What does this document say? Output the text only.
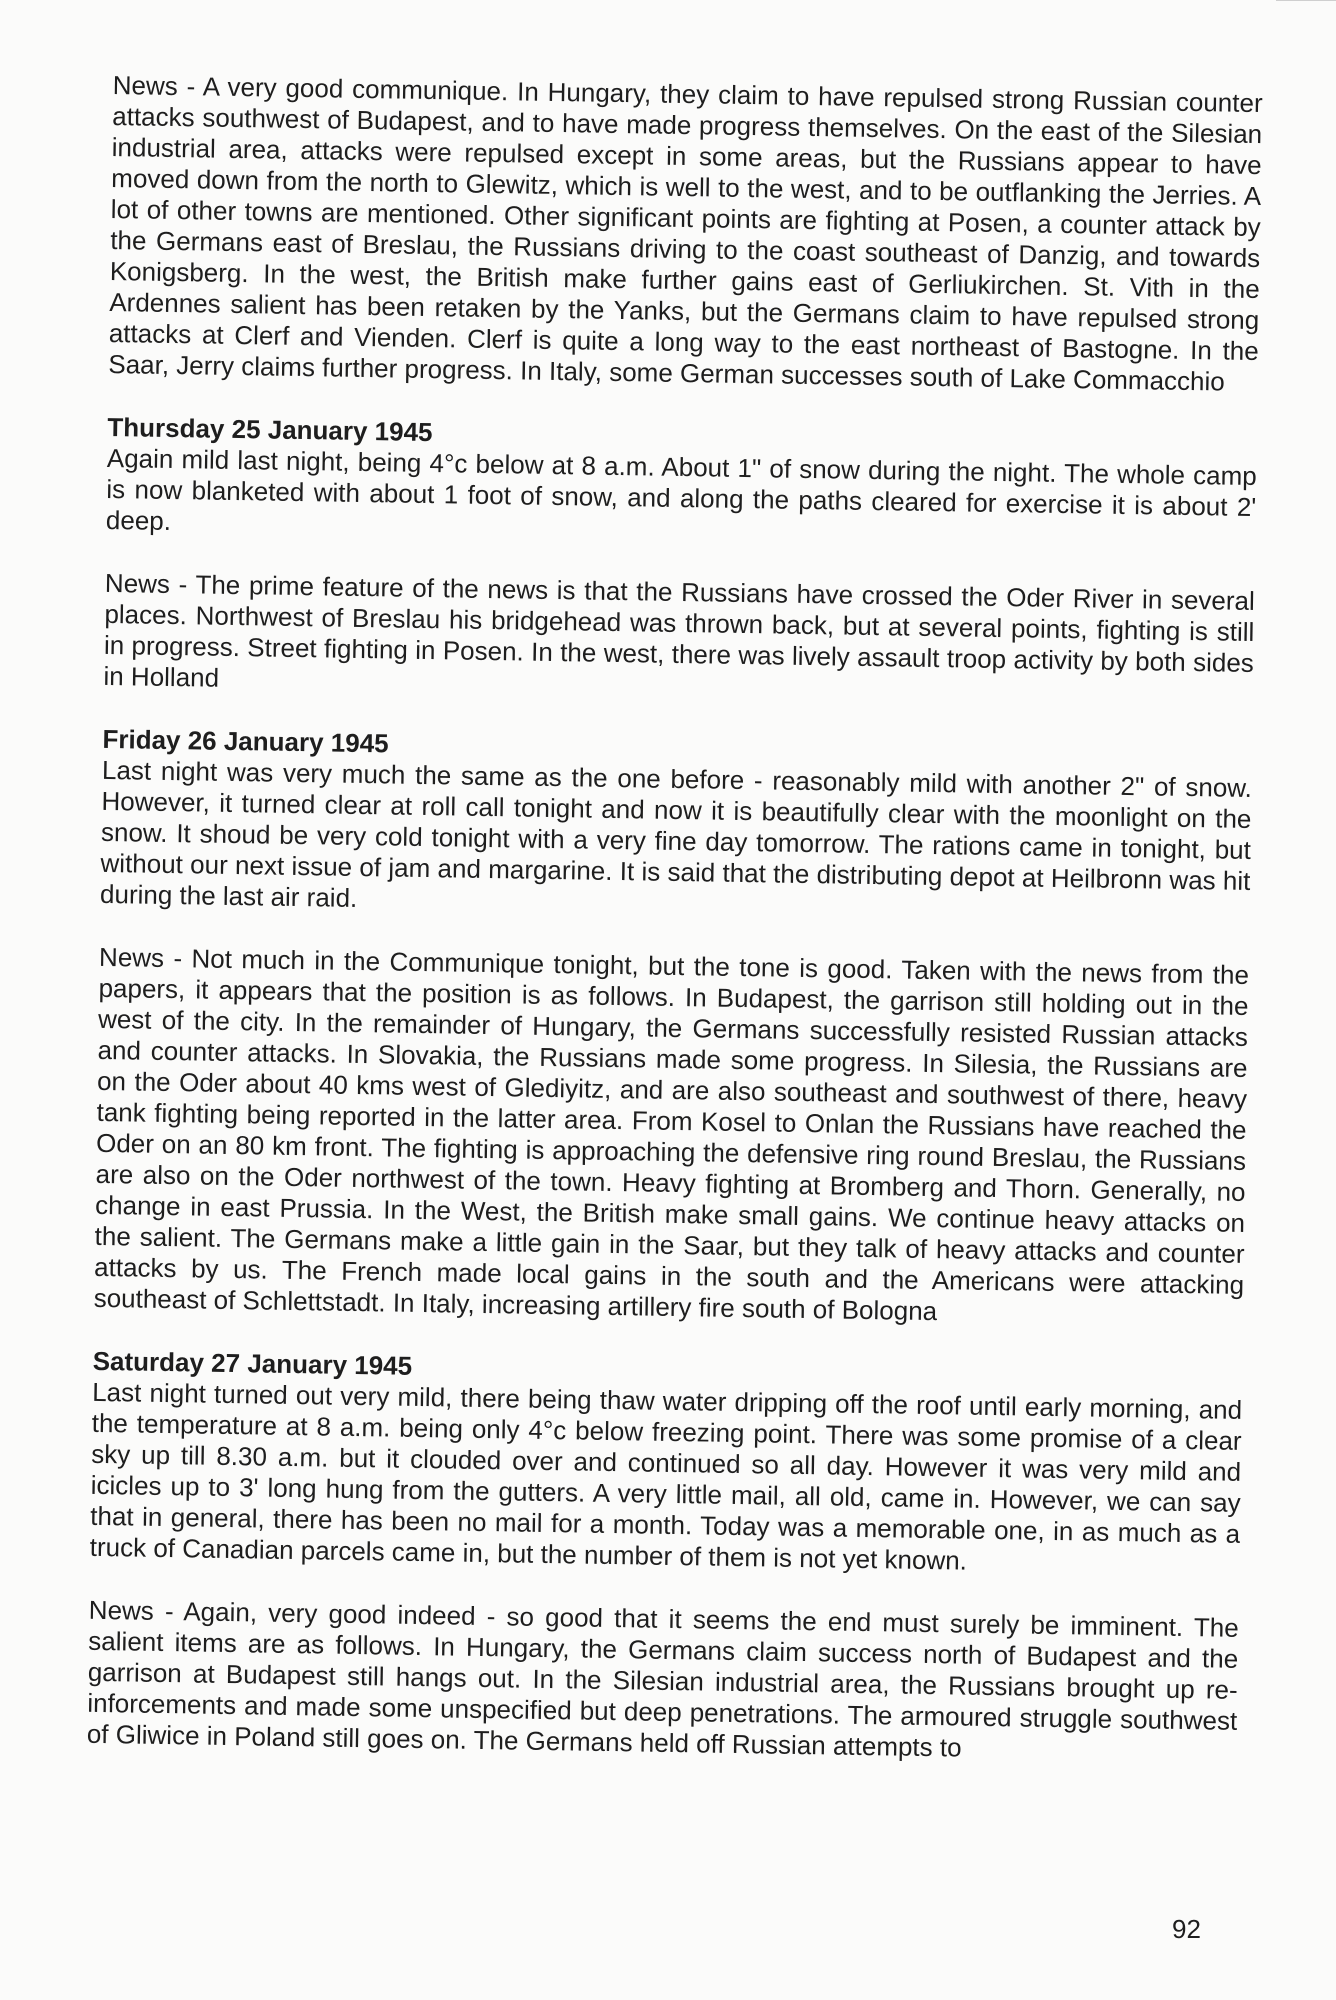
News - A very good communique. In Hungary, they claim to have repulsed strong Russian counter attacks southwest of Budapest, and to have made progress themselves. On the east of the Silesian industrial area, attacks were repulsed except in some areas, but the Russians appear to have moved down from the north to Glewitz, which is well to the west, and to be outflanking the Jerries. A lot of other towns are mentioned. Other significant points are fighting at Posen, a counter attack by the Germans east of Breslau, the Russians driving to the coast southeast of Danzig, and towards Konigsberg. In the west, the British make further gains east of Gerliukirchen. St. Vith in the Ardennes salient has been retaken by the Yanks, but the Germans claim to have repulsed strong attacks at Clerf and Vienden. Clerf is quite a long way to the east northeast of Bastogne. In the Saar, Jerry claims further progress. In Italy, some German successes south of Lake Commacchio

Thursday 25 January 1945

Again mild last night, being 4°c below at 8 a.m. About 1" of snow during the night. The whole camp is now blanketed with about 1 foot of snow, and along the paths cleared for exercise it is about 2' deep.

News - The prime feature of the news is that the Russians have crossed the Oder River in several places. Northwest of Breslau his bridgehead was thrown back, but at several points, fighting is still in progress. Street fighting in Posen. In the west, there was lively assault troop activity by both sides in Holland

Friday 26 January 1945

Last night was very much the same as the one before - reasonably mild with another 2" of snow. However, it turned clear at roll call tonight and now it is beautifully clear with the moonlight on the snow. It shoud be very cold tonight with a very fine day tomorrow. The rations came in tonight, but without our next issue of jam and margarine. It is said that the distributing depot at Heilbronn was hit during the last air raid.

News - Not much in the Communique tonight, but the tone is good. Taken with the news from the papers, it appears that the position is as follows. In Budapest, the garrison still holding out in the west of the city. In the remainder of Hungary, the Germans successfully resisted Russian attacks and counter attacks. In Slovakia, the Russians made some progress. In Silesia, the Russians are on the Oder about 40 kms west of Glediyitz, and are also southeast and southwest of there, heavy tank fighting being reported in the latter area. From Kosel to Onlan the Russians have reached the Oder on an 80 km front. The fighting is approaching the defensive ring round Breslau, the Russians are also on the Oder northwest of the town. Heavy fighting at Bromberg and Thorn. Generally, no change in east Prussia. In the West, the British make small gains. We continue heavy attacks on the salient. The Germans make a little gain in the Saar, but they talk of heavy attacks and counter attacks by us. The French made local gains in the south and the Americans were attacking southeast of Schlettstadt. In Italy, increasing artillery fire south of Bologna

Saturday 27 January 1945

Last night turned out very mild, there being thaw water dripping off the roof until early morning, and the temperature at 8 a.m. being only 4°c below freezing point. There was some promise of a clear sky up till 8.30 a.m. but it clouded over and continued so all day. However it was very mild and icicles up to 3' long hung from the gutters. A very little mail, all old, came in. However, we can say that in general, there has been no mail for a month. Today was a memorable one, in as much as a truck of Canadian parcels came in, but the number of them is not yet known.

News - Again, very good indeed - so good that it seems the end must surely be imminent. The salient items are as follows. In Hungary, the Germans claim success north of Budapest and the garrison at Budapest still hangs out. In the Silesian industrial area, the Russians brought up re-inforcements and made some unspecified but deep penetrations. The armoured struggle southwest of Gliwice in Poland still goes on. The Germans held off Russian attempts to

92
